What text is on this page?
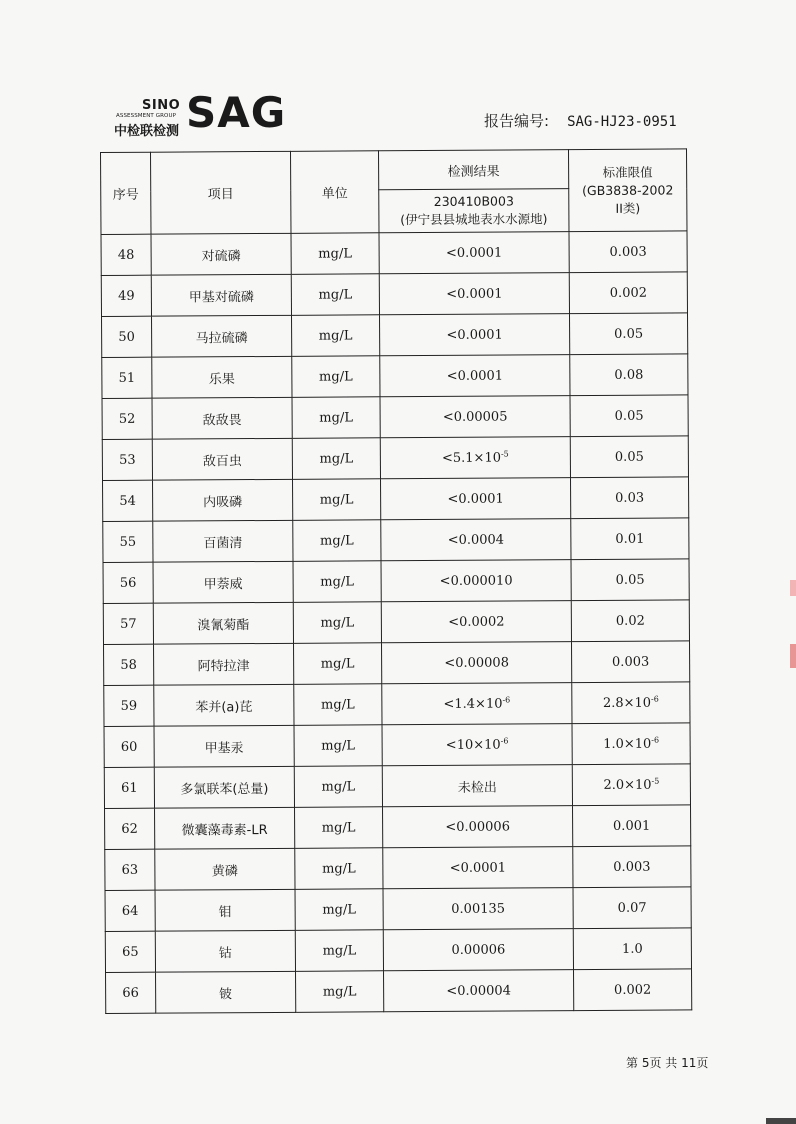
SINO
ASSESSMENT GROUP
中检联检测 SAG	报告编号: SAG-HJ23-0951
序号	项目	单位	检测结果	标准限值
(GB3838-2002
II类)

			230410B003
(伊宁县县城地表水水源地)	

48	对硫磷	mg/L	<0.0001	0.003
49	甲基对硫磷	mg/L	<0.0001	0.002
50	马拉硫磷	mg/L	<0.0001	0.05
51	乐果	mg/L	<0.0001	0.08
52	敌敌畏	mg/L	<0.00005	0.05
53	敌百虫	mg/L	$<5.1\times 10^{-5}$	0.05
54	内吸磷	mg/L	<0.0001	0.03
55	百菌清	mg/L	<0.0004	0.01
56	甲萘威	mg/L	<0.000010	0.05
57	溴氰菊酯	mg/L	<0.0002	0.02
58	阿特拉津	mg/L	<0.00008	0.003
59	苯并(a)芘	mg/L	$<1.4\times 10^{-6}$	$2.8\times 10^{-6}$
60	甲基汞	mg/L	$<10\times 10^{-6}$	$1.0\times 10^{-6}$
61	多氯联苯(总量)	mg/L	未检出	$2.0\times 10^{-5}$
62	微囊藻毒素-LR	mg/L	<0.00006	0.001
63	黄磷	mg/L	<0.0001	0.003
64	钼	mg/L	0.00135	0.07
65	钴	mg/L	0.00006	1.0
66	铍	mg/L	<0.00004	0.002
第 5页 共 11页
